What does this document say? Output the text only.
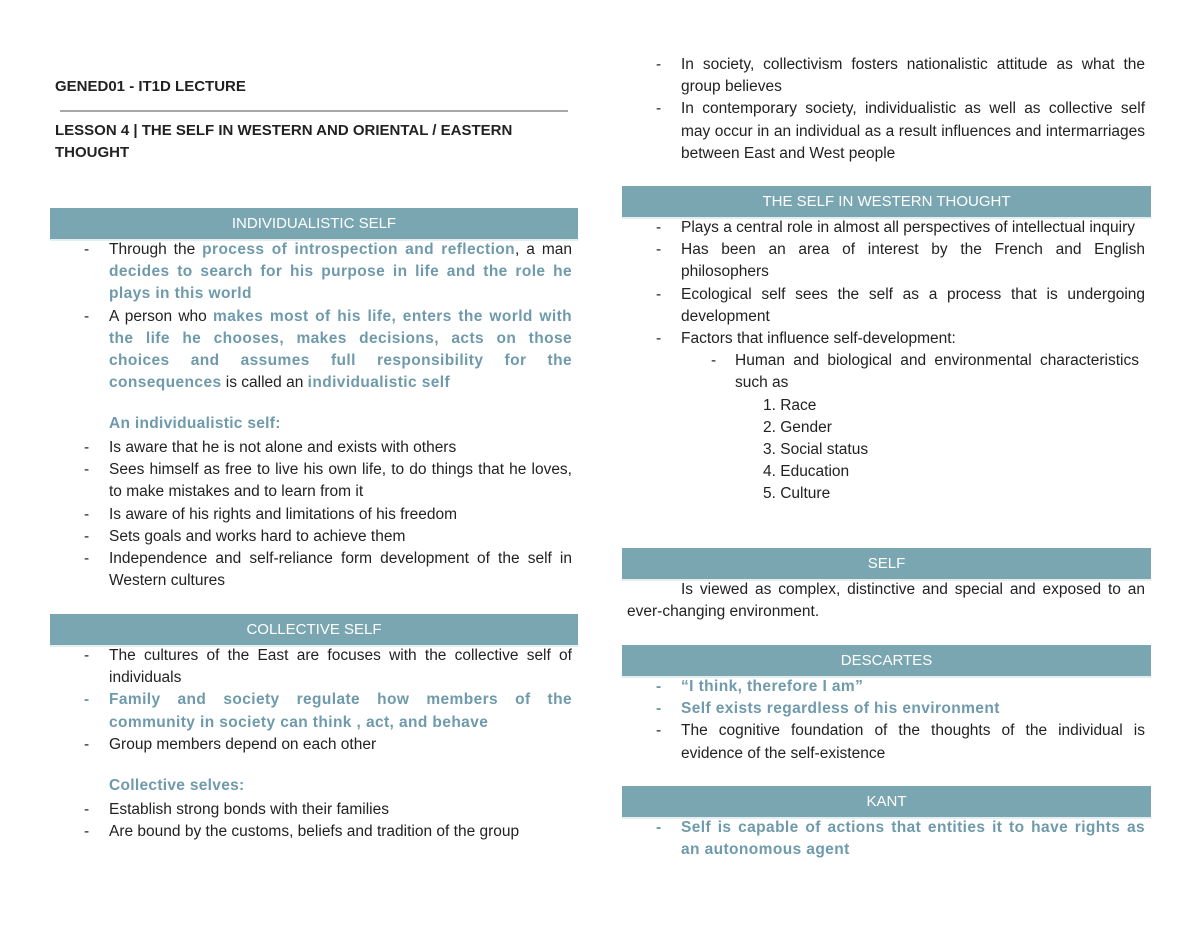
GENED01 - IT1D LECTURE
LESSON 4 | THE SELF IN WESTERN AND ORIENTAL / EASTERN THOUGHT
INDIVIDUALISTIC SELF
- Through the process of introspection and reflection, a man decides to search for his purpose in life and the role he plays in this world
- A person who makes most of his life, enters the world with the life he chooses, makes decisions, acts on those choices and assumes full responsibility for the consequences is called an individualistic self
An individualistic self:
- Is aware that he is not alone and exists with others
- Sees himself as free to live his own life, to do things that he loves, to make mistakes and to learn from it
- Is aware of his rights and limitations of his freedom
- Sets goals and works hard to achieve them
- Independence and self-reliance form development of the self in Western cultures
COLLECTIVE SELF
- The cultures of the East are focuses with the collective self of individuals
- Family and society regulate how members of the community in society can think , act, and behave
- Group members depend on each other
Collective selves:
- Establish strong bonds with their families
- Are bound by the customs, beliefs and tradition of the group
- In society, collectivism fosters nationalistic attitude as what the group believes
- In contemporary society, individualistic as well as collective self may occur in an individual as a result influences and intermarriages between East and West people
THE SELF IN WESTERN THOUGHT
- Plays a central role in almost all perspectives of intellectual inquiry
- Has been an area of interest by the French and English philosophers
- Ecological self sees the self as a process that is undergoing development
- Factors that influence self-development:
- Human and biological and environmental characteristics such as
1. Race
2. Gender
3. Social status
4. Education
5. Culture
SELF
Is viewed as complex, distinctive and special and exposed to an ever-changing environment.
DESCARTES
- “I think, therefore I am”
- Self exists regardless of his environment
- The cognitive foundation of the thoughts of the individual is evidence of the self-existence
KANT
- Self is capable of actions that entities it to have rights as an autonomous agent
